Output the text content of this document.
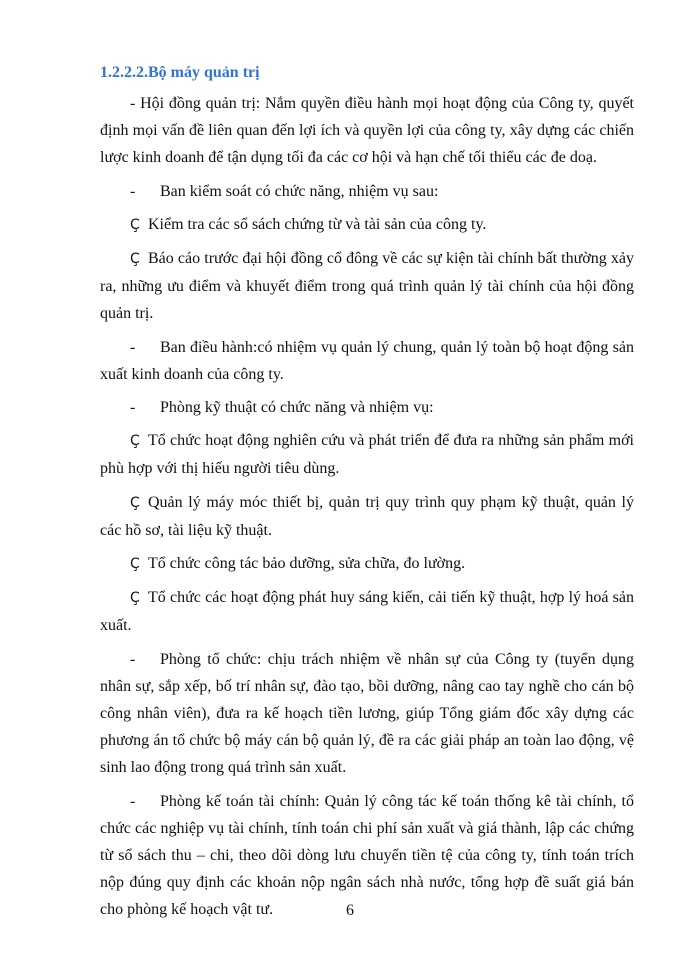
1.2.2.2.Bộ máy quản trị

- Hội đồng quản trị: Nắm quyền điều hành mọi hoạt động của Công ty, quyết định mọi vấn đề liên quan đến lợi ích và quyền lợi của công ty, xây dựng các chiến lược kinh doanh để tận dụng tối đa các cơ hội và hạn chế tối thiểu các đe doạ.

- Ban kiểm soát có chức năng, nhiệm vụ sau:

Ç Kiểm tra các sổ sách chứng từ và tài sản của công ty.

Ç Báo cáo trước đại hội đồng cổ đông về các sự kiện tài chính bất thường xảy ra, những ưu điểm và khuyết điểm trong quá trình quản lý tài chính của hội đồng quản trị.

- Ban điều hành:có nhiệm vụ quản lý chung, quản lý toàn bộ hoạt động sản xuất kinh doanh của công ty.

- Phòng kỹ thuật có chức năng và nhiệm vụ:

Ç Tổ chức hoạt động nghiên cứu và phát triển để đưa ra những sản phẩm mới phù hợp với thị hiếu người tiêu dùng.

Ç Quản lý máy móc thiết bị, quản trị quy trình quy phạm kỹ thuật, quản lý các hồ sơ, tài liệu kỹ thuật.

Ç Tổ chức công tác bảo dưỡng, sửa chữa, đo lường.

Ç Tổ chức các hoạt động phát huy sáng kiến, cải tiến kỹ thuật, hợp lý hoá sản xuất.

- Phòng tổ chức: chịu trách nhiệm về nhân sự của Công ty (tuyển dụng nhân sự, sắp xếp, bố trí nhân sự, đào tạo, bồi dưỡng, nâng cao tay nghề cho cán bộ công nhân viên), đưa ra kế hoạch tiền lương, giúp Tổng giám đốc xây dựng các phương án tổ chức bộ máy cán bộ quản lý, đề ra các giải pháp an toàn lao động, vệ sinh lao động trong quá trình sản xuất.

- Phòng kế toán tài chính: Quản lý công tác kế toán thống kê tài chính, tổ chức các nghiệp vụ tài chính, tính toán chi phí sản xuất và giá thành, lập các chứng từ sổ sách thu – chi, theo dõi dòng lưu chuyển tiền tệ của công ty, tính toán trích nộp đúng quy định các khoản nộp ngân sách nhà nước, tổng hợp đề suất giá bán cho phòng kế hoạch vật tư.	6
